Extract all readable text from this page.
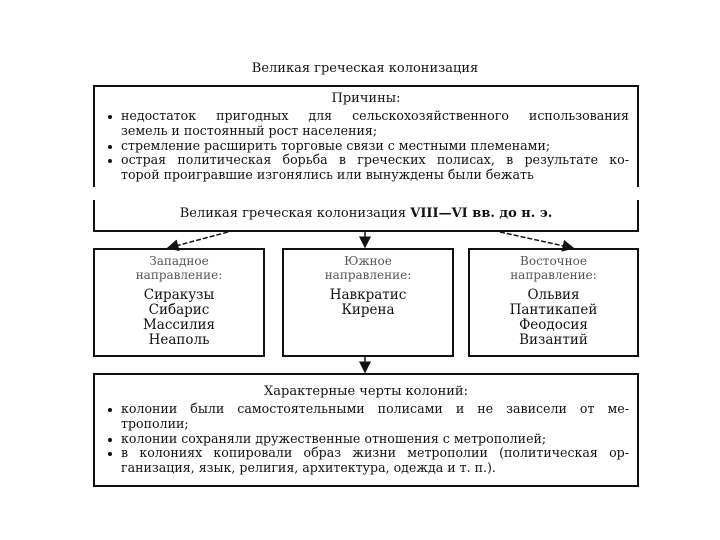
Великая греческая колонизация
Причины:
недостаток пригодных для сельскохозяйственного использования
земель и постоянный рост населения;
стремление расширить торговые связи с местными племенами;
острая политическая борьба в греческих полисах, в результате ко-
торой проигравшие изгонялись или вынуждены были бежать
Великая греческая колонизация VIII—VI вв. до н. э.
Западное
направление:
Сиракузы
Сибарис
Массилия
Неаполь
Южное
направление:
Навкратис
Кирена
Восточное
направление:
Ольвия
Пантикапей
Феодосия
Византий
Характерные черты колоний:
колонии были самостоятельными полисами и не зависели от ме-
трополии;
колонии сохраняли дружественные отношения с метрополией;
в колониях копировали образ жизни метрополии (политическая ор-
ганизация, язык, религия, архитектура, одежда и т. п.).
